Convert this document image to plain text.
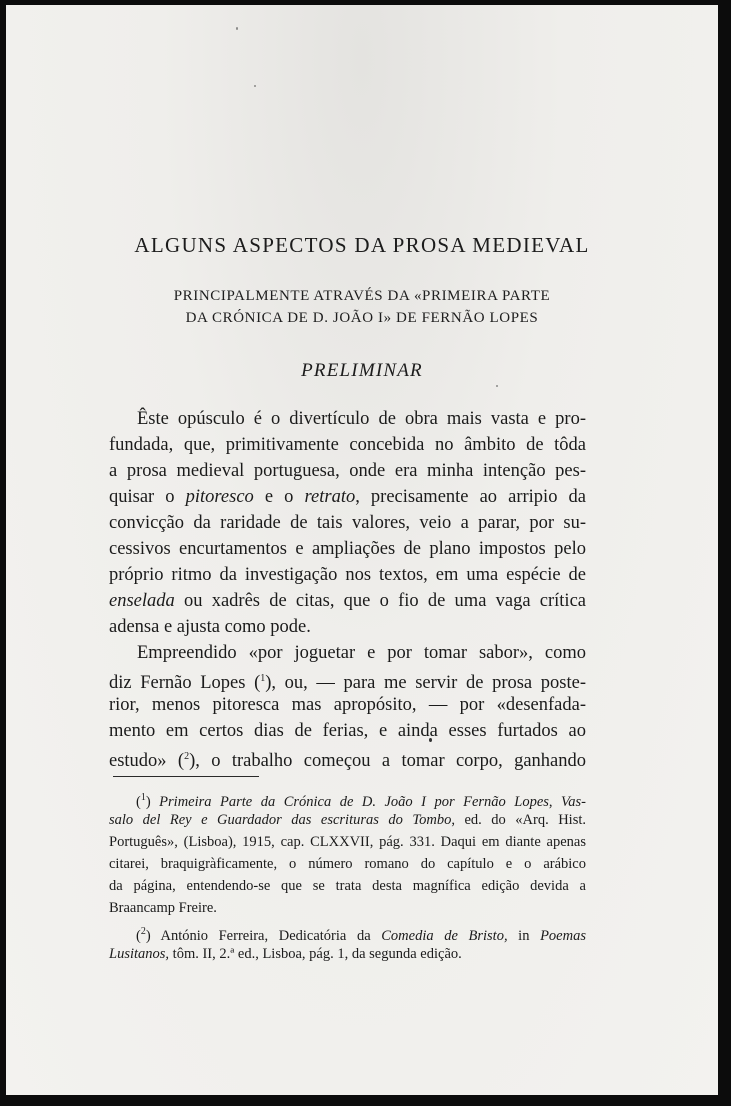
ALGUNS ASPECTOS DA PROSA MEDIEVAL
PRINCIPALMENTE ATRAVÉS DA «PRIMEIRA PARTE
DA CRÓNICA DE D. JOÃO I» DE FERNÃO LOPES
PRELIMINAR
Êste opúsculo é o divertículo de obra mais vasta e pro-
fundada, que, primitivamente concebida no âmbito de tôda
a prosa medieval portuguesa, onde era minha intenção pes-
quisar o pitoresco e o retrato, precisamente ao arripio da
convicção da raridade de tais valores, veio a parar, por su-
cessivos encurtamentos e ampliações de plano impostos pelo
próprio ritmo da investigação nos textos, em uma espécie de
enselada ou xadrês de citas, que o fio de uma vaga crítica
adensa e ajusta como pode.
Empreendido «por joguetar e por tomar sabor», como
diz Fernão Lopes ($^1$), ou, — para me servir de prosa poste-
rior, menos pitoresca mas apropósito, — por «desenfada-
mento em certos dias de ferias, e ainda esses furtados ao
estudo» ($^2$), o trabalho começou a tomar corpo, ganhando
($^1$) Primeira Parte da Crónica de D. João I por Fernão Lopes, Vas-
salo del Rey e Guardador das escrituras do Tombo, ed. do «Arq. Hist.
Português», (Lisboa), 1915, cap. CLXXVII, pág. 331. Daqui em diante apenas
citarei, braquigràficamente, o número romano do capítulo e o arábico
da página, entendendo-se que se trata desta magnífica edição devida a
Braancamp Freire.
($^2$) António Ferreira, Dedicatória da Comedia de Bristo, in Poemas
Lusitanos, tôm. II, 2.ª ed., Lisboa, pág. 1, da segunda edição.
